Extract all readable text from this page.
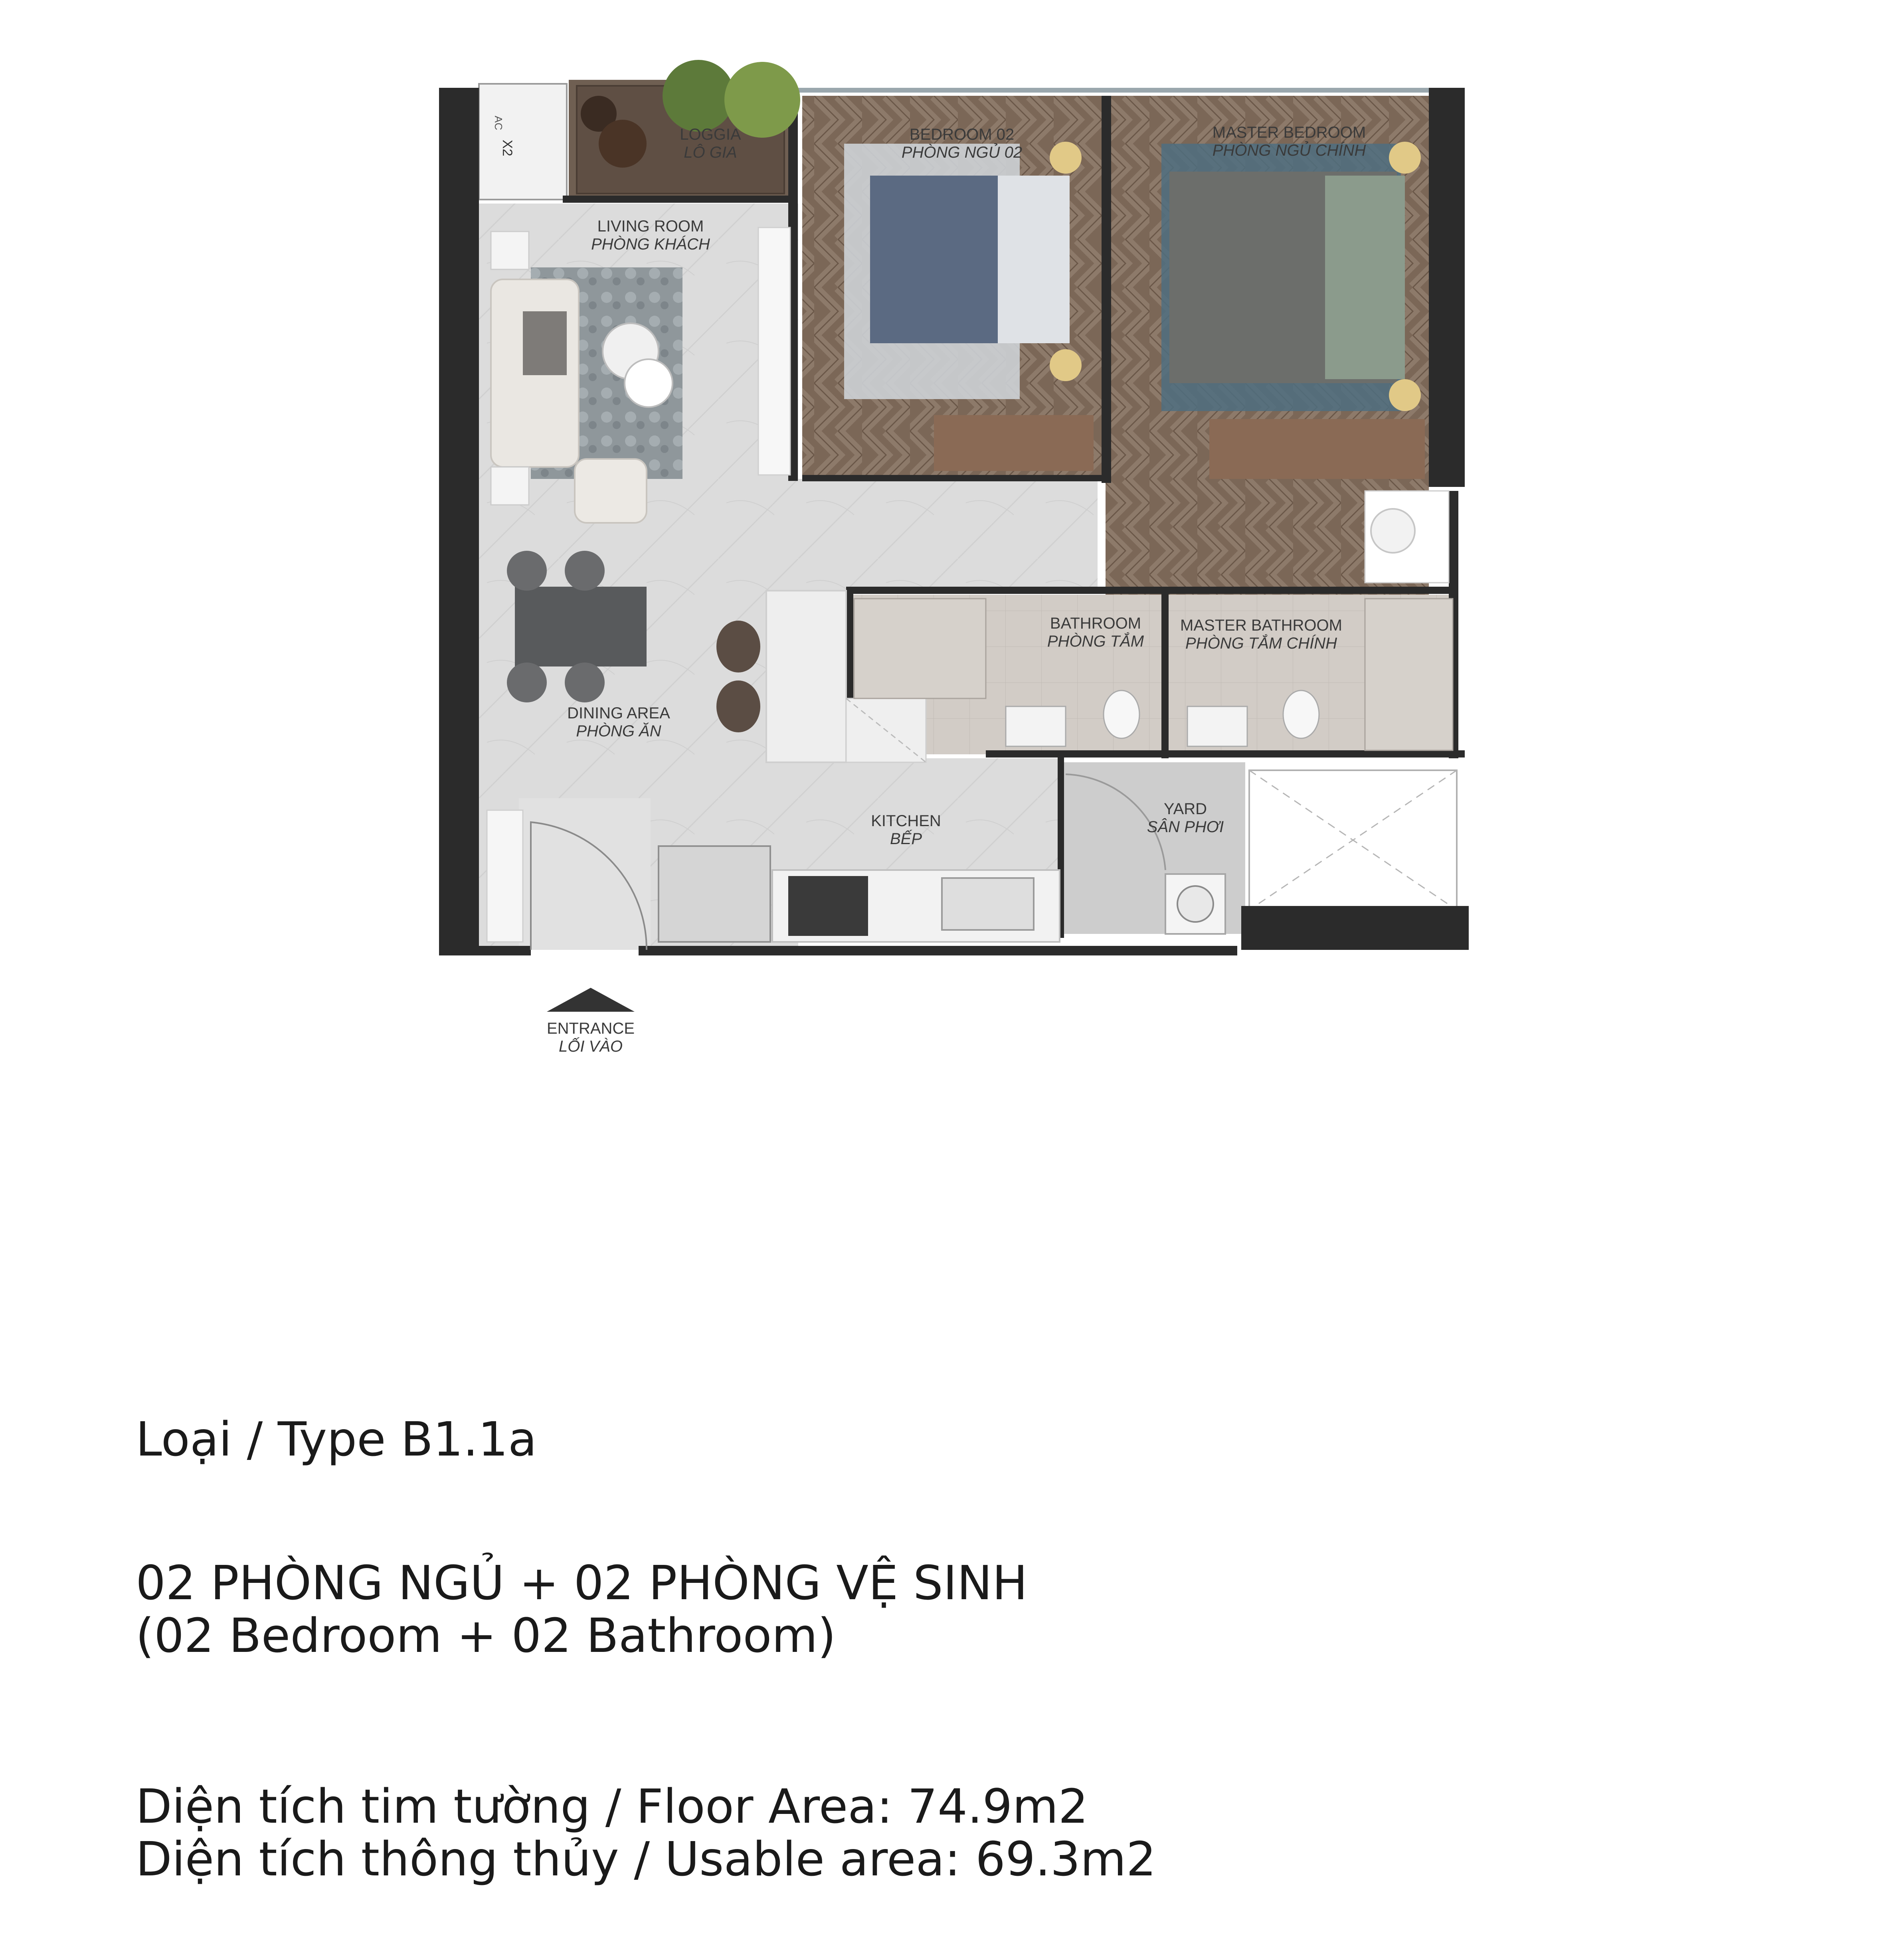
AC
X2
LOGGIA
LÔ GIA
LIVING ROOM
PHÒNG KHÁCH
BEDROOM 02
PHÒNG NGỦ 02
MASTER BEDROOM
PHÒNG NGỦ CHÍNH
BATHROOM
PHÒNG TẮM
MASTER BATHROOM
PHÒNG TẮM CHÍNH
DINING AREA
PHÒNG ĂN
KITCHEN
BẾP
YARD
SÂN PHƠI
ENTRANCE
LỐI VÀO
Loại / Type B1.1a
02 PHÒNG NGỦ + 02 PHÒNG VỆ SINH
(02 Bedroom + 02 Bathroom)
Diện tích tim tường / Floor Area: 74.9m2
Diện tích thông thủy / Usable area: 69.3m2
